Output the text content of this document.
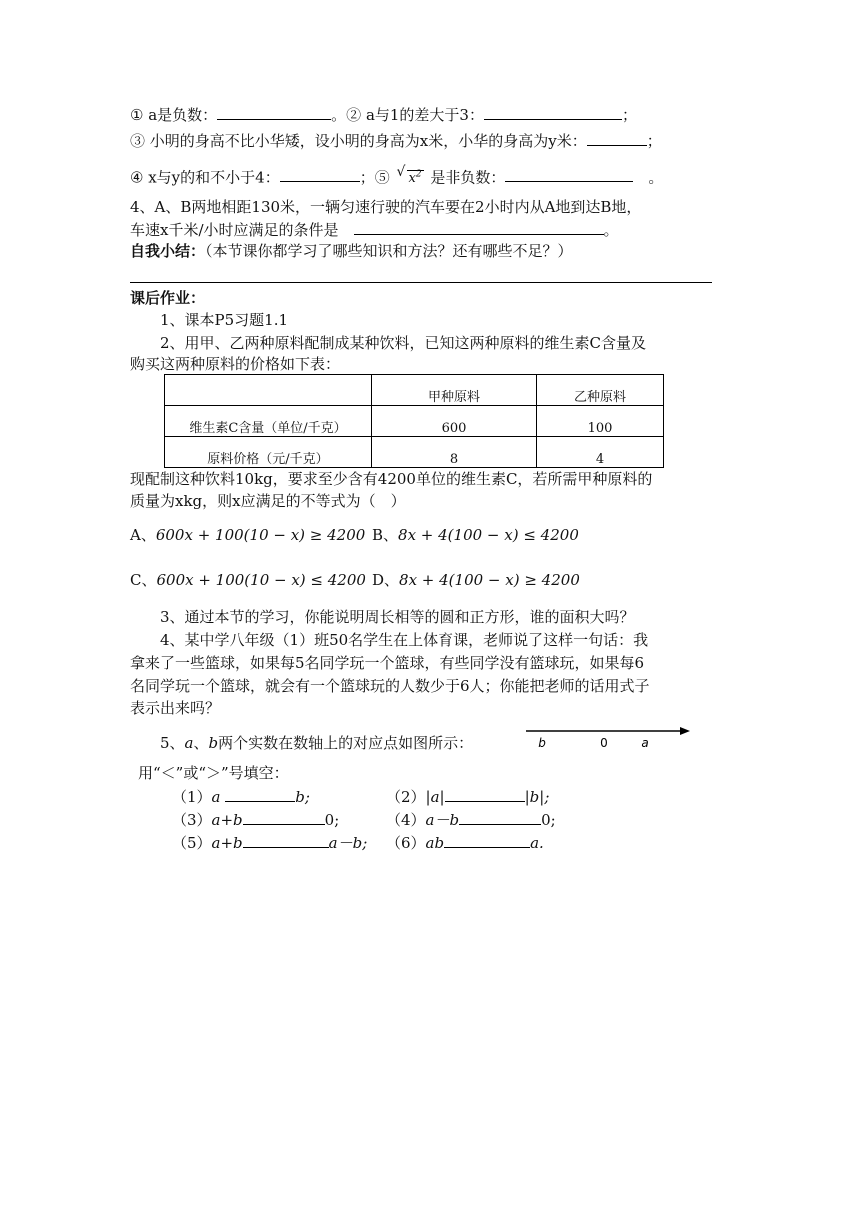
① a是负数：	。② a与1的差大于3：	；
③ 小明的身高不比小华矮，设小明的身高为x米，小华的身高为y米：	；
④ x与y的和不小于4：	；⑤ √ $x^2$ 是非负数：　	。
4、A、B两地相距130米，一辆匀速行驶的汽车要在2小时内从A地到达B地，
车速x千米/小时应满足的条件是　	。
自我小结：（本节课你都学习了哪些知识和方法？还有哪些不足？）
课后作业：
1、课本P5习题1.1
2、用甲、乙两种原料配制成某种饮料，已知这两种原料的维生素C含量及
购买这两种原料的价格如下表：
	甲种原料	乙种原料
维生素C含量（单位/千克）	600	100
原料价格（元/千克）	8	4
现配制这种饮料10kg，要求至少含有4200单位的维生素C，若所需甲种原料的
质量为xkg，则x应满足的不等式为（　）
A、600x + 100(10 − x) ≥ 4200 B、8x + 4(100 − x) ≤ 4200
C、600x + 100(10 − x) ≤ 4200 D、8x + 4(100 − x) ≥ 4200
3、通过本节的学习，你能说明周长相等的圆和正方形，谁的面积大吗？
4、某中学八年级（1）班50名学生在上体育课，老师说了这样一句话：我
拿来了一些篮球，如果每5名同学玩一个篮球，有些同学没有篮球玩，如果每6
名同学玩一个篮球，就会有一个篮球玩的人数少于6人；你能把老师的话用式子
表示出来吗？
5、a、b两个实数在数轴上的对应点如图所示：	b	0	a
用“＜”或“＞”号填空：
（1）a	b;	（2）|a|	|b|;
（3）a+b	0;	（4）a－b	0;
（5）a+b	a－b; （6）ab	a.
